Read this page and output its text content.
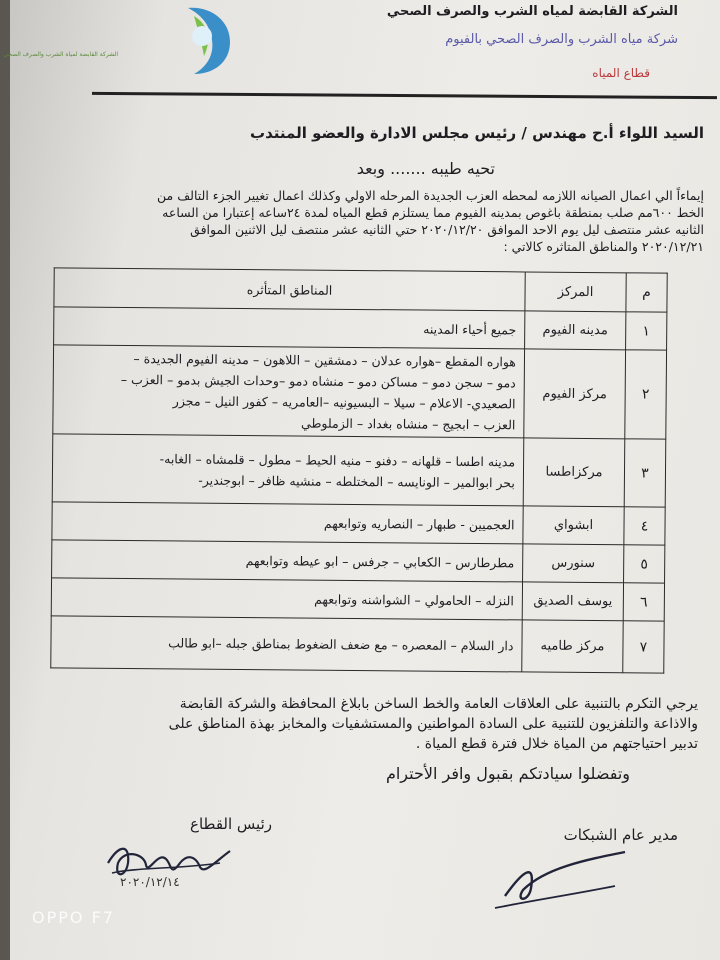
الشركة القابضة لمياه الشرب والصرف الصحي
الشركة القابضة لمياه الشرب والصرف الصحي
شركة مياه الشرب والصرف الصحي بالفيوم
قطاع المياه
السيد اللواء أ.ح مهندس / رئيس مجلس الادارة والعضو المنتدب
تحيه طيبه ....... وبعد
إيماءاً الي اعمال الصيانه اللازمه لمحطه العزب الجديدة المرحله الاولي وكذلك اعمال تغيير الجزء التالف من
الخط ٦٠٠مم صلب بمنطقة باغوص بمدينه الفيوم مما يستلزم قطع المياه لمدة ٢٤ساعه إعتبارا من الساعه
الثانيه عشر منتصف ليل يوم الاحد الموافق ٢٠٢٠/١٢/٢٠ حتي الثانيه عشر منتصف ليل الاثنين الموافق
٢٠٢٠/١٢/٢١ والمناطق المتاثره كالاتي :
م	المركز	المناطق المتأثره
١	مدينه الفيوم	جميع أحياء المدينه

٢	مركز الفيوم	هواره المقطع –هواره عدلان – دمشقين – اللاهون – مدينه الفيوم الجديدة –
دمو – سجن دمو – مساكن دمو – منشاه دمو –وحدات الجيش بدمو – العزب –
الصعيدي- الاعلام – سيلا – البسيونيه –العامريه – كفور النيل – مجزر
العزب – ابجيج – منشاه بغداد – الزملوطي

٣	مركزاطسا	مدينه اطسا – قلهانه – دفنو – منيه الحيط – مطول – قلمشاه – الغابه-
بحر ابوالمير – الونايسه – المختلطه – منشيه ظافر – ابوجندير-

٤	ابشواي	العجميين - طبهار – النصاريه وتوابعهم

٥	سنورس	مطرطارس – الكعابي – جرفس – ابو عيطه وتوابعهم

٦	يوسف الصديق	النزله – الحامولي – الشواشنه وتوابعهم

٧	مركز طاميه	دار السلام – المعصره – مع ضعف الضغوط بمناطق جبله –ابو طالب
يرجي التكرم بالتنبية على العلاقات العامة والخط الساخن بابلاغ المحافظة والشركة القابضة
والاذاعة والتلفزيون للتنبية على السادة المواطنين والمستشفيات والمخابز بهذة المناطق على
تدبير احتياجتهم من المياة خلال فترة قطع المياة .
وتفضلوا سيادتكم بقبول وافر الأحترام
رئيس القطاع
مدير عام الشبكات
٢٠٢٠/١٢/١٤
OPPO F7
